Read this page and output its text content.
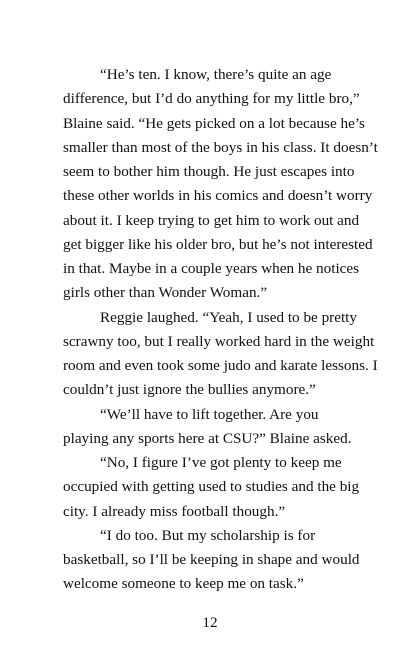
“He’s ten. I know, there’s quite an age
difference, but I’d do anything for my little bro,”
Blaine said. “He gets picked on a lot because he’s
smaller than most of the boys in his class. It doesn’t
seem to bother him though. He just escapes into
these other worlds in his comics and doesn’t worry
about it. I keep trying to get him to work out and
get bigger like his older bro, but he’s not interested
in that. Maybe in a couple years when he notices
girls other than Wonder Woman.”

Reggie laughed. “Yeah, I used to be pretty
scrawny too, but I really worked hard in the weight
room and even took some judo and karate lessons. I
couldn’t just ignore the bullies anymore.”

“We’ll have to lift together. Are you
playing any sports here at CSU?” Blaine asked.

“No, I figure I’ve got plenty to keep me
occupied with getting used to studies and the big
city. I already miss football though.”

“I do too. But my scholarship is for
basketball, so I’ll be keeping in shape and would
welcome someone to keep me on task.”

12
